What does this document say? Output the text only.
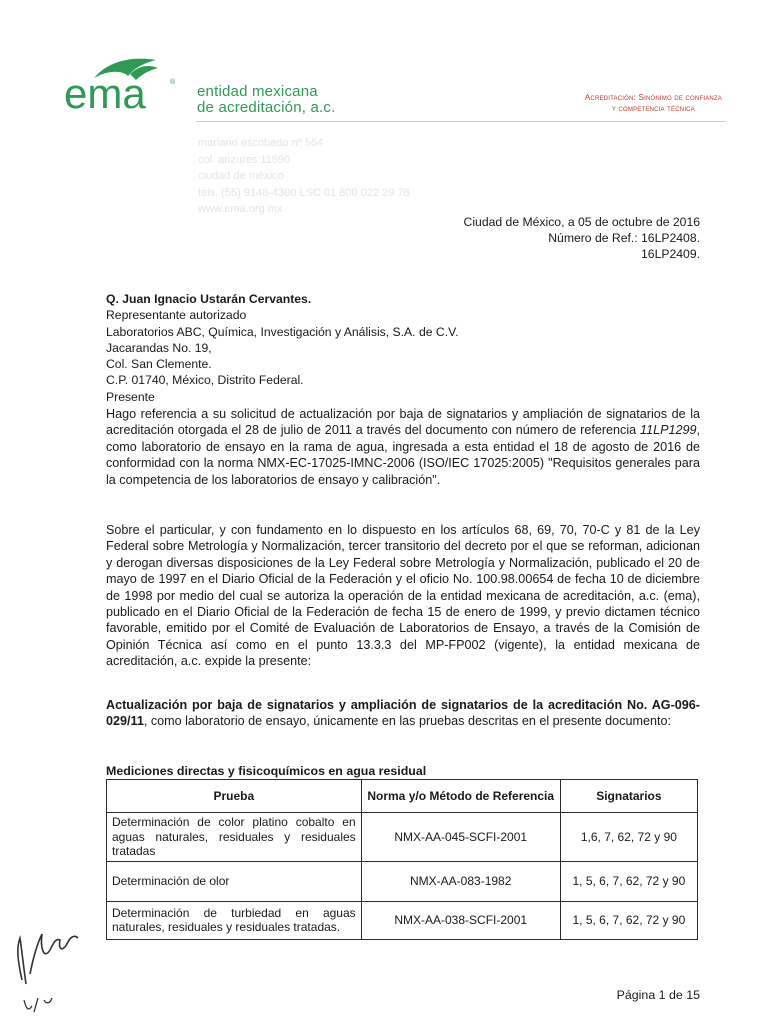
ema	®
entidad mexicana
de acreditación, a.c.
Acreditación: Sinónimo de confianza
y competencia técnica
mariano escobedo nº 564
col. anzures 11590
ciudad de méxico
tels. (55) 9148-4300 LSC 01 800 022 29 78
www.ema.org.mx
Ciudad de México, a 05 de octubre de 2016
Número de Ref.: 16LP2408.
16LP2409.
Q. Juan Ignacio Ustarán Cervantes.
Representante autorizado
Laboratorios ABC, Química, Investigación y Análisis, S.A. de C.V.
Jacarandas No. 19,
Col. San Clemente.
C.P. 01740, México, Distrito Federal.
Presente
Hago referencia a su solicitud de actualización por baja de signatarios y ampliación de signatarios de la acreditación otorgada el 28 de julio de 2011 a través del documento con número de referencia 11LP1299, como laboratorio de ensayo en la rama de agua, ingresada a esta entidad el 18 de agosto de 2016 de conformidad con la norma NMX-EC-17025-IMNC-2006 (ISO/IEC 17025:2005) "Requisitos generales para la competencia de los laboratorios de ensayo y calibración".
Sobre el particular, y con fundamento en lo dispuesto en los artículos 68, 69, 70, 70-C y 81 de la Ley Federal sobre Metrología y Normalización, tercer transitorio del decreto por el que se reforman, adicionan y derogan diversas disposiciones de la Ley Federal sobre Metrología y Normalización, publicado el 20 de mayo de 1997 en el Diario Oficial de la Federación y el oficio No. 100.98.00654 de fecha 10 de diciembre de 1998 por medio del cual se autoriza la operación de la entidad mexicana de acreditación, a.c. (ema), publicado en el Diario Oficial de la Federación de fecha 15 de enero de 1999, y previo dictamen técnico favorable, emitido por el Comité de Evaluación de Laboratorios de Ensayo, a través de la Comisión de Opinión Técnica así como en el punto 13.3.3 del MP-FP002 (vigente), la entidad mexicana de acreditación, a.c. expide la presente:
Actualización por baja de signatarios y ampliación de signatarios de la acreditación No. AG-096-029/11, como laboratorio de ensayo, únicamente en las pruebas descritas en el presente documento:
Mediciones directas y fisicoquímicos en agua residual
Prueba	Norma y/o Método de Referencia	Signatarios
Determinación de color platino cobalto en aguas naturales, residuales y residuales tratadas	NMX-AA-045-SCFI-2001	1,6, 7, 62, 72 y 90
Determinación de olor	NMX-AA-083-1982	1, 5, 6, 7, 62, 72 y 90
Determinación de turbiedad en aguas naturales, residuales y residuales tratadas.	NMX-AA-038-SCFI-2001	1, 5, 6, 7, 62, 72 y 90
Página 1 de 15
